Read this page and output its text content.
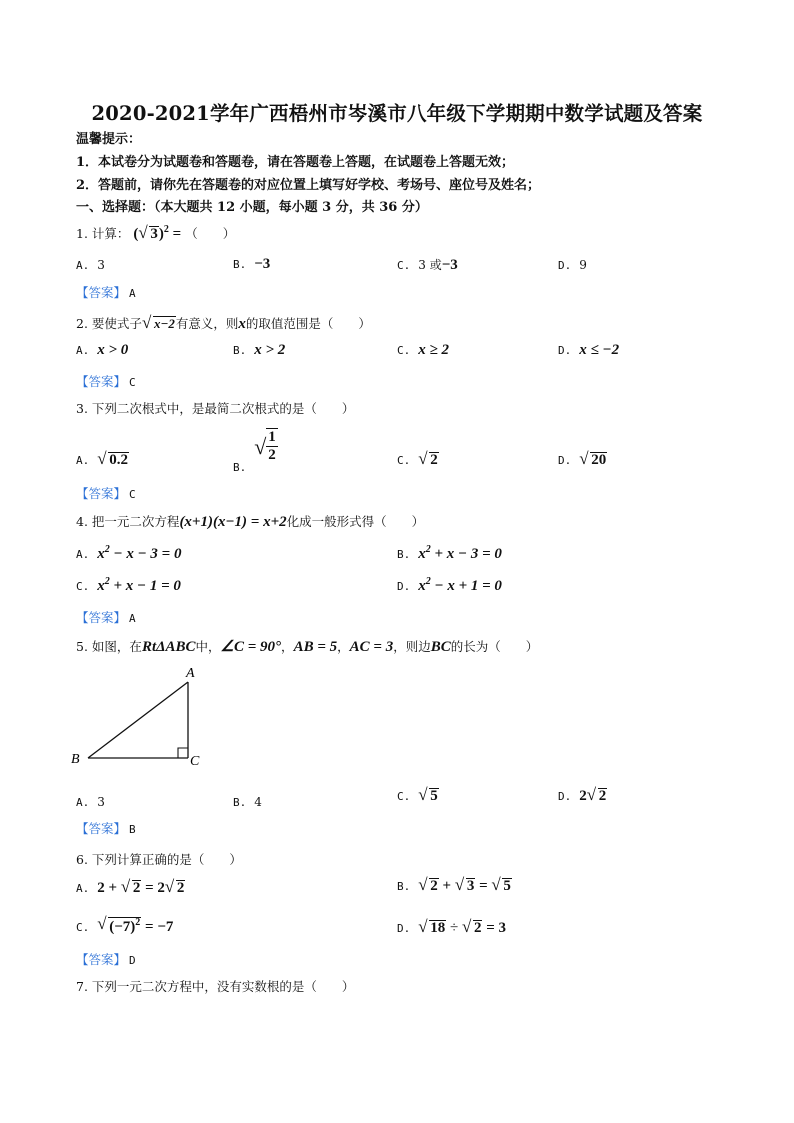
2020-2021学年广西梧州市岑溪市八年级下学期期中数学试题及答案
温馨提示：
1．本试卷分为试题卷和答题卷，请在答题卷上答题，在试题卷上答题无效；
2．答题前，请你先在答题卷的对应位置上填写好学校、考场号、座位号及姓名；
一、选择题：（本大题共 12 小题，每小题 3 分，共 36 分）
1. 计算： ( √ 3)$^2$ = （　　）
A. 3	B. −3	C. 3 或−3	D. 9
【答案】 A
2. 要使式子 √ x−2有意义，则x的取值范围是（　　）
A. x > 0	B. x > 2	C. x ≥ 2	D. x ≤ −2
【答案】 C
3. 下列二次根式中，是最简二次根式的是（　　）
A. √ 0.2	B.
√ $\frac{1}{2}$	C. √ 2	D. √ 20
【答案】 C
4. 把一元二次方程(x+1)(x−1) = x+2化成一般形式得（　　）
A. $x^2 - x - 3 = 0$	B. $x^2 + x - 3 = 0$
C. $x^2 + x - 1 = 0$	D. $x^2 - x + 1 = 0$
【答案】 A
5. 如图，在RtΔABC中，∠C = 90°，AB = 5，AC = 3，则边BC的长为（　　）
A
B	C
A. 3	B. 4	C. √ 5	D. 2 √ 2
【答案】 B
6. 下列计算正确的是（　　）
A. 2 + √ 2 = 2 √ 2	B. √ 2 + √ 3 = √ 5
C. √ $(-7)^2 = -7$	D. √ 18 ÷ √ 2 = 3
【答案】 D
7. 下列一元二次方程中，没有实数根的是（　　）
